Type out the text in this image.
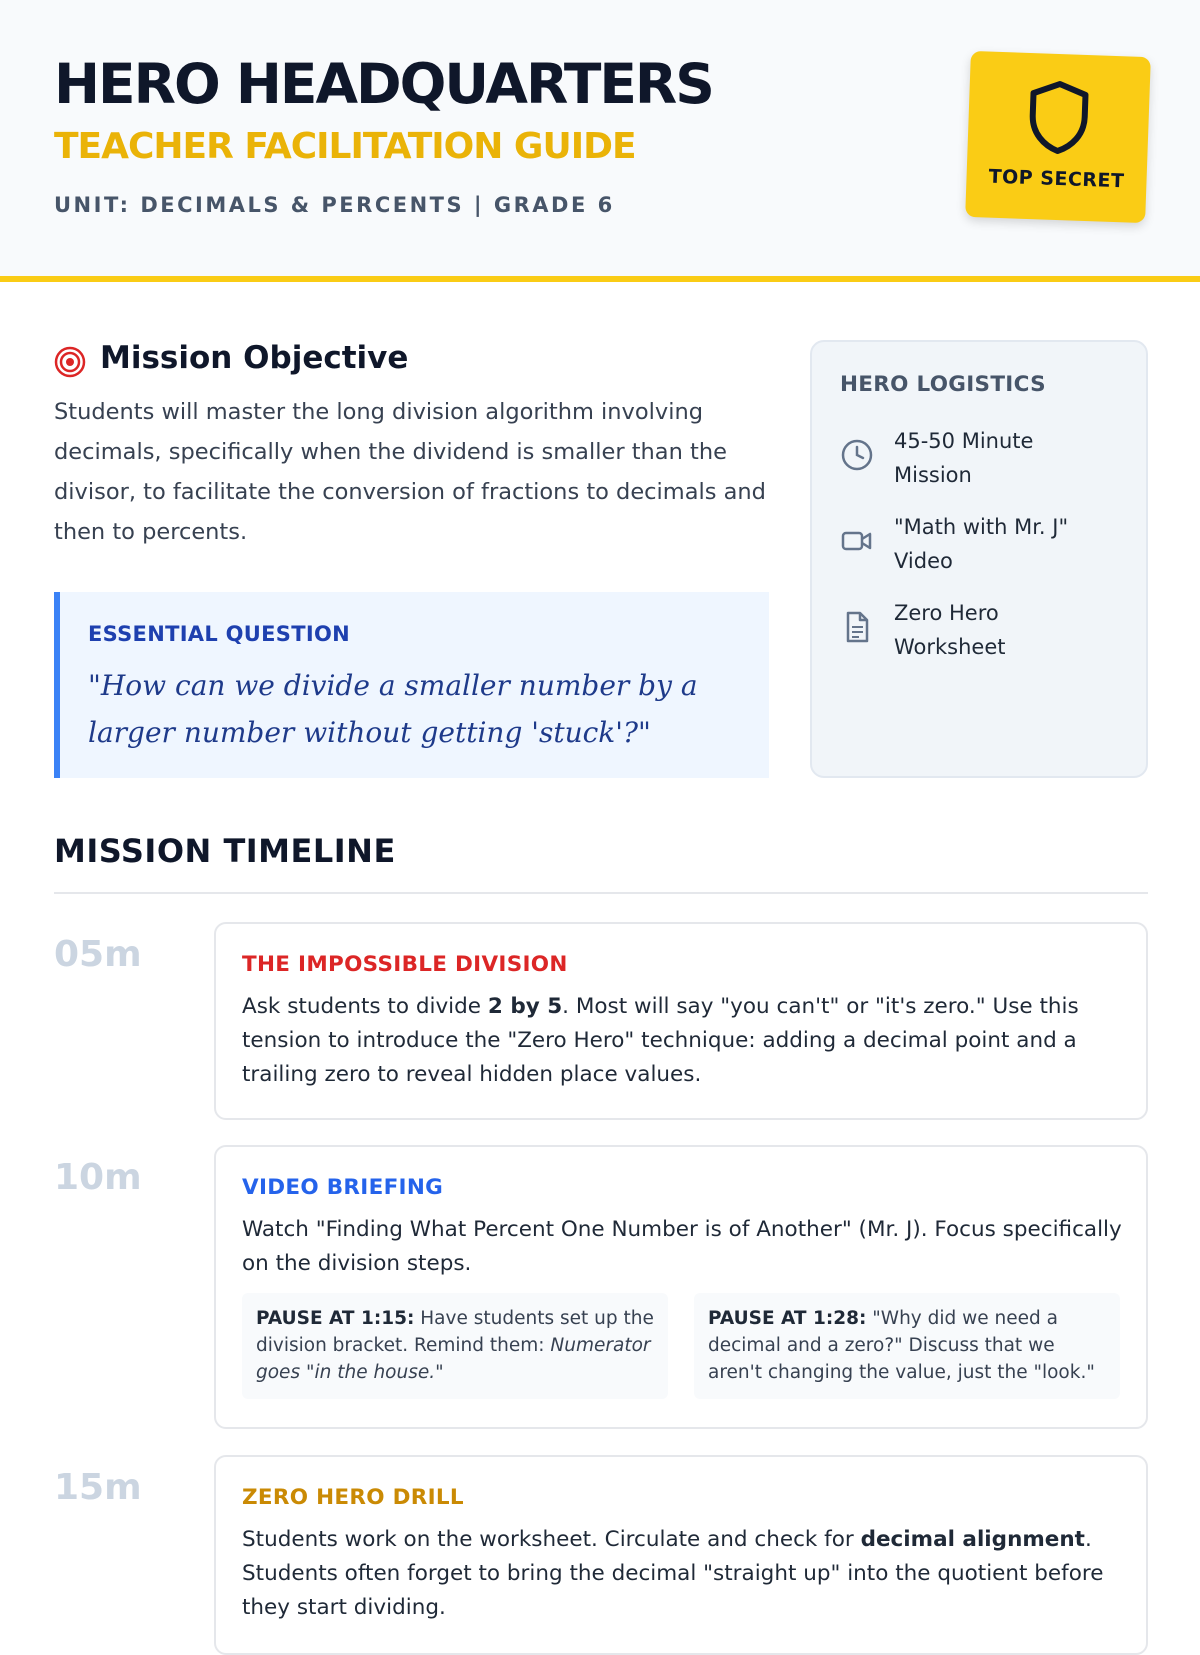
HERO HEADQUARTERS
TEACHER FACILITATION GUIDE
UNIT: DECIMALS & PERCENTS | GRADE 6
TOP SECRET
Mission Objective
Students will master the long division algorithm involving decimals, specifically when the dividend is smaller than the divisor, to facilitate the conversion of fractions to decimals and then to percents.
ESSENTIAL QUESTION
"How can we divide a smaller number by a larger number without getting 'stuck'?"
HERO LOGISTICS
45-50 Minute Mission
"Math with Mr. J" Video
Zero Hero Worksheet
MISSION TIMELINE
05m	THE IMPOSSIBLE DIVISION
Ask students to divide 2 by 5. Most will say "you can't" or "it's zero." Use this tension to introduce the "Zero Hero" technique: adding a decimal point and a trailing zero to reveal hidden place values.
10m	VIDEO BRIEFING
Watch "Finding What Percent One Number is of Another" (Mr. J). Focus specifically on the division steps.
PAUSE AT 1:15: Have students set up the division bracket. Remind them: Numerator goes "in the house."
PAUSE AT 1:28: "Why did we need a decimal and a zero?" Discuss that we aren't changing the value, just the "look."
15m	ZERO HERO DRILL
Students work on the worksheet. Circulate and check for decimal alignment. Students often forget to bring the decimal "straight up" into the quotient before they start dividing.
